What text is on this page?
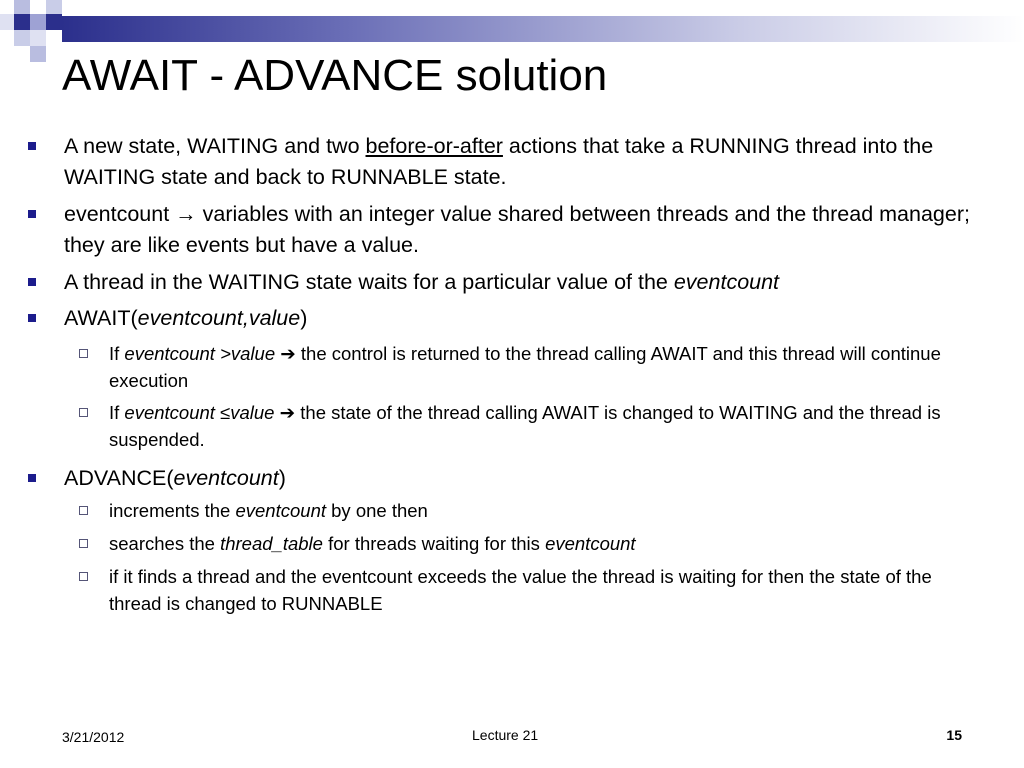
AWAIT - ADVANCE solution
A new state, WAITING and two before-or-after actions that take a RUNNING thread into the WAITING state and back to RUNNABLE state.
eventcount → variables with an integer value shared between threads and the thread manager; they are like events but have a value.
A thread in the WAITING state waits for a particular value of the eventcount
AWAIT(eventcount,value)
If eventcount >value ➔ the control is returned to the thread calling AWAIT and this thread will continue execution
If eventcount ≤value ➔ the state of the thread calling AWAIT is changed to WAITING and the thread is suspended.
ADVANCE(eventcount)
increments the eventcount by one then
searches the thread_table for threads waiting for this eventcount
if it finds a thread and the eventcount exceeds the value the thread is waiting for then the state of the thread is changed to RUNNABLE
3/21/2012	Lecture 21	15
